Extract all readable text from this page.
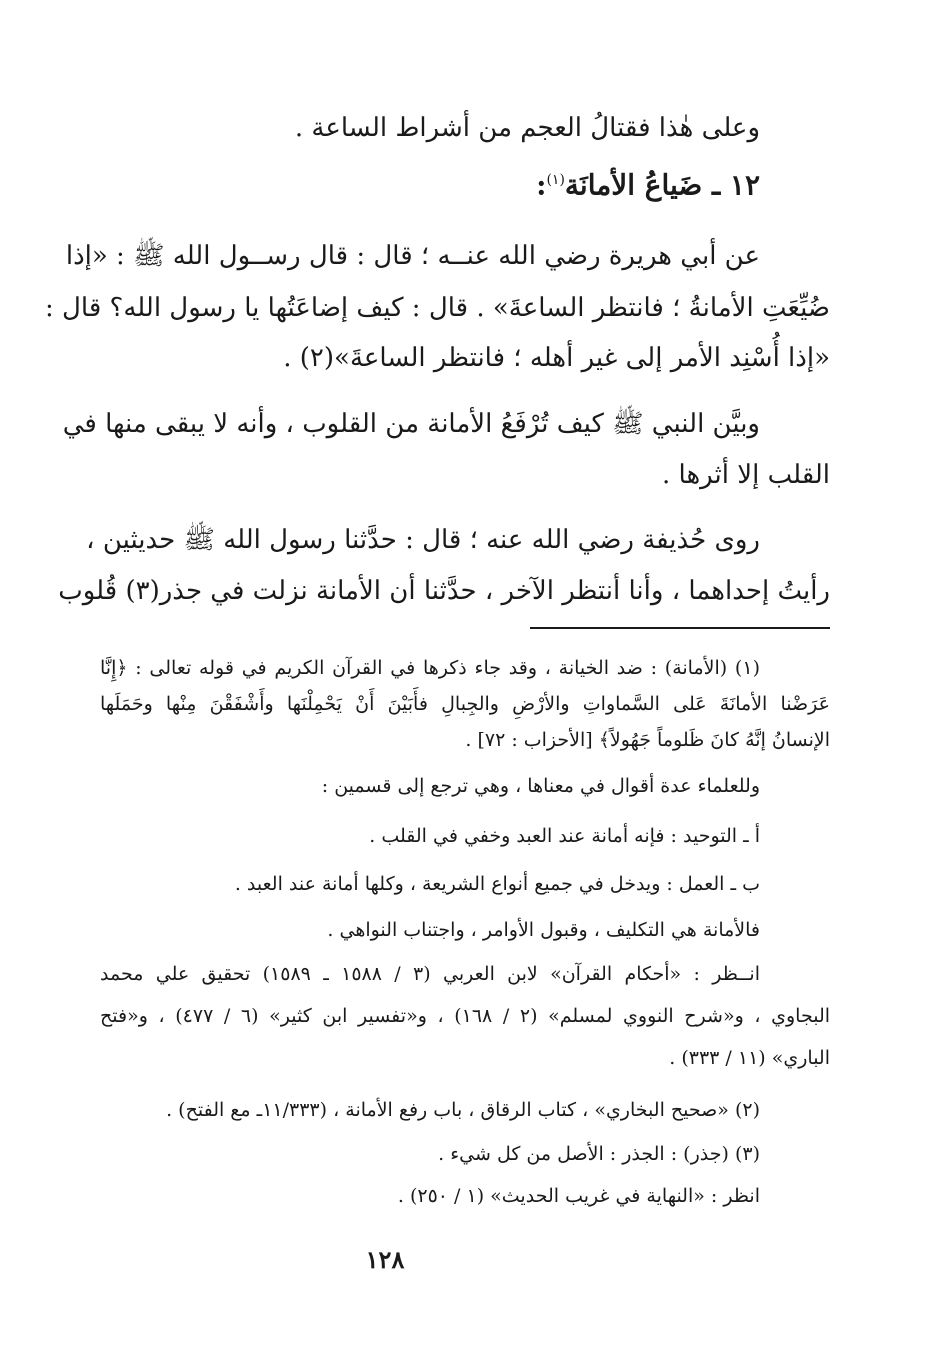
وعلى هٰذا فقتالُ العجم من أشراط الساعة .
١٢ ـ ضَياعُ الأمانَة$^{(١)}$:
عن أبي هريرة رضي الله عنــه ؛ قال : قال رســول الله ﷺ : «إذا
ضُيِّعَتِ الأمانةُ ؛ فانتظر الساعةَ» . قال : كيف إضاعَتُها يا رسول الله؟ قال :
«إذا أُسْنِد الأمر إلى غير أهله ؛ فانتظر الساعةَ»(٢) .
وبيَّن النبي ﷺ كيف تُرْفَعُ الأمانة من القلوب ، وأنه لا يبقى منها في
القلب إلا أثرها .
روى حُذيفة رضي الله عنه ؛ قال : حدَّثنا رسول الله ﷺ حديثين ،
رأيتُ إحداهما ، وأنا أنتظر الآخر ، حدَّثنا أن الأمانة نزلت في جذر(٣) قُلوب
(١) (الأمانة) : ضد الخيانة ، وقد جاء ذكرها في القرآن الكريم في قوله تعالى : ﴿إِنَّا
عَرَضْنا الأمانَةَ عَلى السَّماواتِ والأرْضِ والجِبالِ فأَبَيْنَ أَنْ يَحْمِلْنَها وأَشْفَقْنَ مِنْها وحَمَلَها
الإنسانُ إنَّهُ كانَ ظَلوماً جَهُولاً﴾ [الأحزاب : ٧٢] .
وللعلماء عدة أقوال في معناها ، وهي ترجع إلى قسمين :
أ ـ التوحيد : فإنه أمانة عند العبد وخفي في القلب .
ب ـ العمل : ويدخل في جميع أنواع الشريعة ، وكلها أمانة عند العبد .
فالأمانة هي التكليف ، وقبول الأوامر ، واجتناب النواهي .
انــظر : «أحكام القرآن» لابن العربي (٣ / ١٥٨٨ ـ ١٥٨٩) تحقيق علي محمد
البجاوي ، و«شرح النووي لمسلم» (٢ / ١٦٨) ، و«تفسير ابن كثير» (٦ / ٤٧٧) ، و«فتح
الباري» (١١ / ٣٣٣) .
(٢) «صحيح البخاري» ، كتاب الرقاق ، باب رفع الأمانة ، (١١/٣٣٣ـ مع الفتح) .
(٣) (جذر) : الجذر : الأصل من كل شيء .
انظر : «النهاية في غريب الحديث» (١ / ٢٥٠) .
١٢٨
